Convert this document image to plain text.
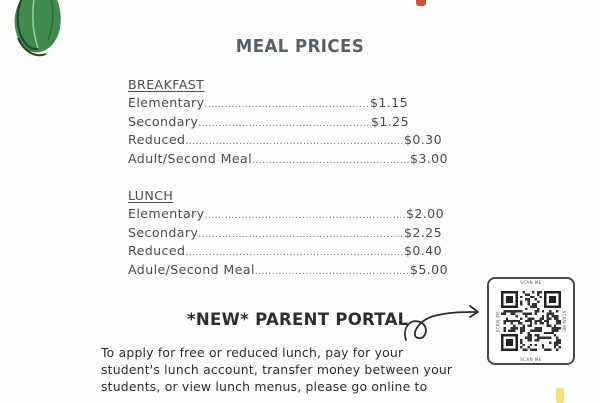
MEAL PRICES
BREAKFAST
Elementary .....	$1.15
Secondary .....	$1.25
Reduced .....	$0.30
Adult/Second Meal .....	$3.00
LUNCH
Elementary .....	$2.00
Secondary .....	$2.25
Reduced .....	$0.40
Adule/Second Meal .....	$5.00
*NEW* PARENT PORTAL
To apply for free or reduced lunch, pay for your
student's lunch account, transfer money between your
students, or view lunch menus, please go online to
SCAN ME
SCAN ME
SCAN ME	SCAN ME
